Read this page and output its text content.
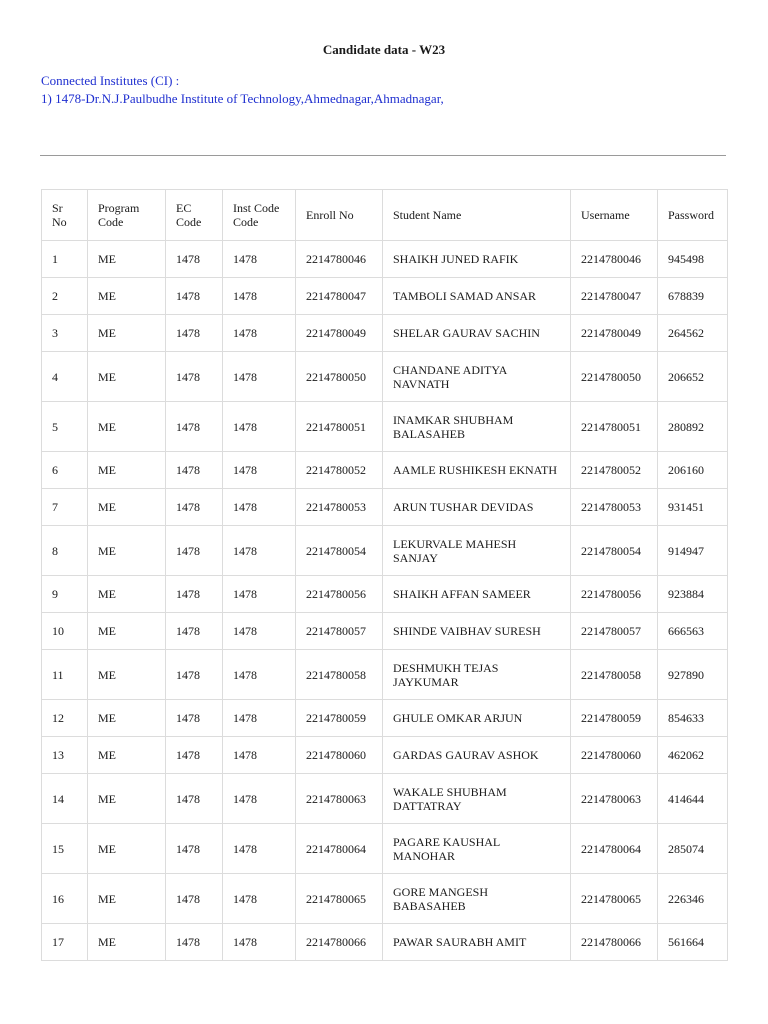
Candidate data - W23
Connected Institutes (CI) :
1) 1478-Dr.N.J.Paulbudhe Institute of Technology,Ahmednagar,Ahmadnagar,
Sr No	Program Code	EC Code	Inst Code Code	Enroll No	Student Name	Username	Password
1	ME	1478	1478	2214780046	SHAIKH JUNED RAFIK	2214780046	945498
2	ME	1478	1478	2214780047	TAMBOLI SAMAD ANSAR	2214780047	678839
3	ME	1478	1478	2214780049	SHELAR GAURAV SACHIN	2214780049	264562
4	ME	1478	1478	2214780050	CHANDANE ADITYA NAVNATH	2214780050	206652
5	ME	1478	1478	2214780051	INAMKAR SHUBHAM BALASAHEB	2214780051	280892
6	ME	1478	1478	2214780052	AAMLE RUSHIKESH EKNATH	2214780052	206160
7	ME	1478	1478	2214780053	ARUN TUSHAR DEVIDAS	2214780053	931451
8	ME	1478	1478	2214780054	LEKURVALE MAHESH SANJAY	2214780054	914947
9	ME	1478	1478	2214780056	SHAIKH AFFAN SAMEER	2214780056	923884
10	ME	1478	1478	2214780057	SHINDE VAIBHAV SURESH	2214780057	666563
11	ME	1478	1478	2214780058	DESHMUKH TEJAS JAYKUMAR	2214780058	927890
12	ME	1478	1478	2214780059	GHULE OMKAR ARJUN	2214780059	854633
13	ME	1478	1478	2214780060	GARDAS GAURAV ASHOK	2214780060	462062
14	ME	1478	1478	2214780063	WAKALE SHUBHAM DATTATRAY	2214780063	414644
15	ME	1478	1478	2214780064	PAGARE KAUSHAL MANOHAR	2214780064	285074
16	ME	1478	1478	2214780065	GORE MANGESH BABASAHEB	2214780065	226346
17	ME	1478	1478	2214780066	PAWAR SAURABH AMIT	2214780066	561664
